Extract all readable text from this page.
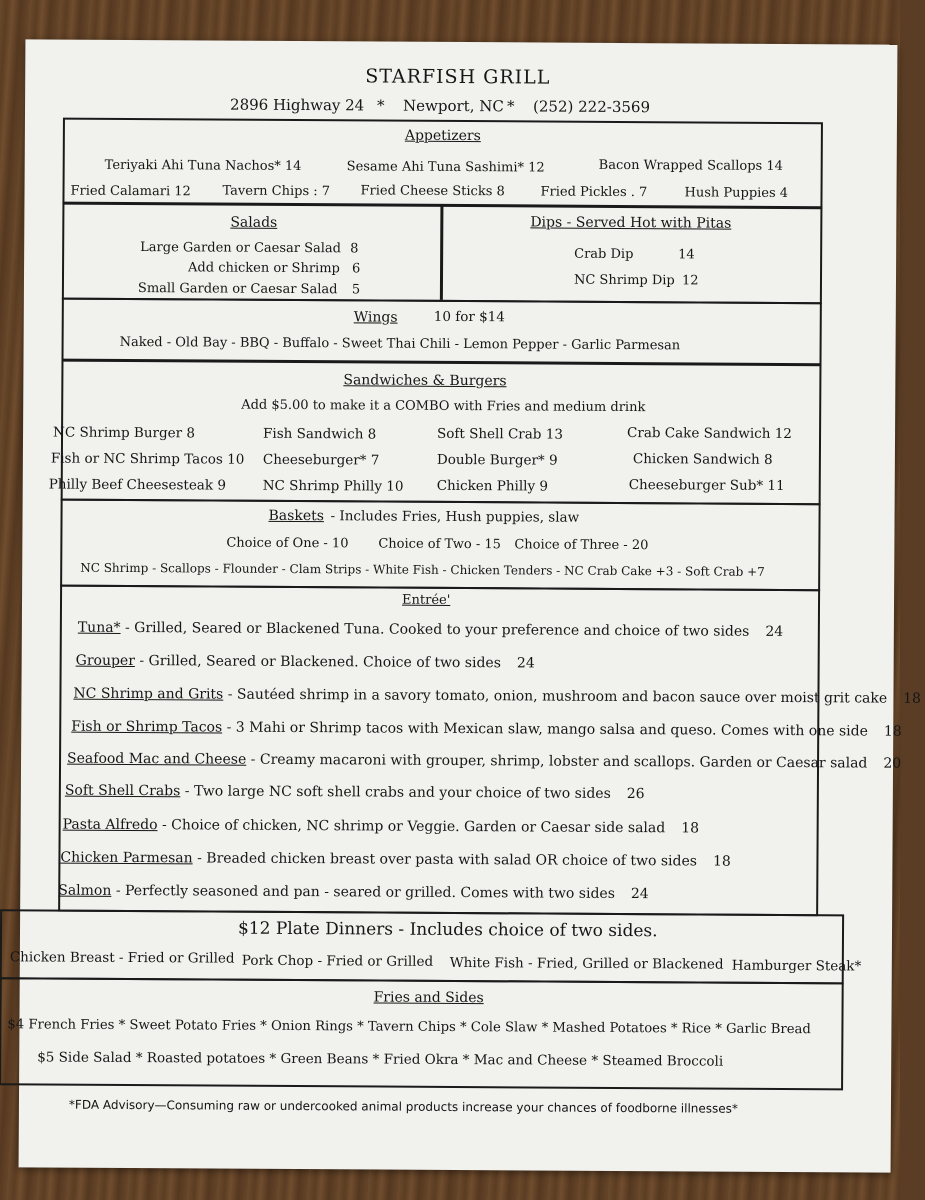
STARFISH GRILL
2896 Highway 24 * Newport, NC * (252) 222-3569
Appetizers
Teriyaki Ahi Tuna Nachos* 14	Sesame Ahi Tuna Sashimi* 12	Bacon Wrapped Scallops 14
Fried Calamari 12 Tavern Chips : 7 Fried Cheese Sticks 8	Fried Pickles . 7	Hush Puppies 4
Salads
Large Garden or Caesar Salad 8
Add chicken or Shrimp 6
Small Garden or Caesar Salad 5
Dips - Served Hot with Pitas
Crab Dip	14
NC Shrimp Dip 12
Wings	10 for $14
Naked - Old Bay - BBQ - Buffalo - Sweet Thai Chili - Lemon Pepper - Garlic Parmesan
Sandwiches & Burgers
Add $5.00 to make it a COMBO with Fries and medium drink
NC Shrimp Burger 8	Fish Sandwich 8	Soft Shell Crab 13	Crab Cake Sandwich 12
Fish or NC Shrimp Tacos 10 Cheeseburger* 7	Double Burger* 9	Chicken Sandwich 8
Philly Beef Cheesesteak 9	NC Shrimp Philly 10 Chicken Philly 9	Cheeseburger Sub* 11
Baskets - Includes Fries, Hush puppies, slaw
Choice of One - 10 Choice of Two - 15 Choice of Three - 20
NC Shrimp - Scallops - Flounder - Clam Strips - White Fish - Chicken Tenders - NC Crab Cake +3 - Soft Crab +7
Entrée'
Tuna* - Grilled, Seared or Blackened Tuna. Cooked to your preference and choice of two sides 24
Grouper - Grilled, Seared or Blackened. Choice of two sides 24
NC Shrimp and Grits - Sautéed shrimp in a savory tomato, onion, mushroom and bacon sauce over moist grit cake 18
Fish or Shrimp Tacos - 3 Mahi or Shrimp tacos with Mexican slaw, mango salsa and queso. Comes with one side 18
Seafood Mac and Cheese - Creamy macaroni with grouper, shrimp, lobster and scallops. Garden or Caesar salad 20
Soft Shell Crabs - Two large NC soft shell crabs and your choice of two sides 26
Pasta Alfredo - Choice of chicken, NC shrimp or Veggie. Garden or Caesar side salad 18
Chicken Parmesan - Breaded chicken breast over pasta with salad OR choice of two sides 18
Salmon - Perfectly seasoned and pan - seared or grilled. Comes with two sides 24
$12 Plate Dinners - Includes choice of two sides.
Chicken Breast - Fried or Grilled Pork Chop - Fried or Grilled White Fish - Fried, Grilled or Blackened Hamburger Steak*
Fries and Sides
$4 French Fries * Sweet Potato Fries * Onion Rings * Tavern Chips * Cole Slaw * Mashed Potatoes * Rice * Garlic Bread
$5 Side Salad * Roasted potatoes * Green Beans * Fried Okra * Mac and Cheese * Steamed Broccoli
*FDA Advisory—Consuming raw or undercooked animal products increase your chances of foodborne illnesses*
